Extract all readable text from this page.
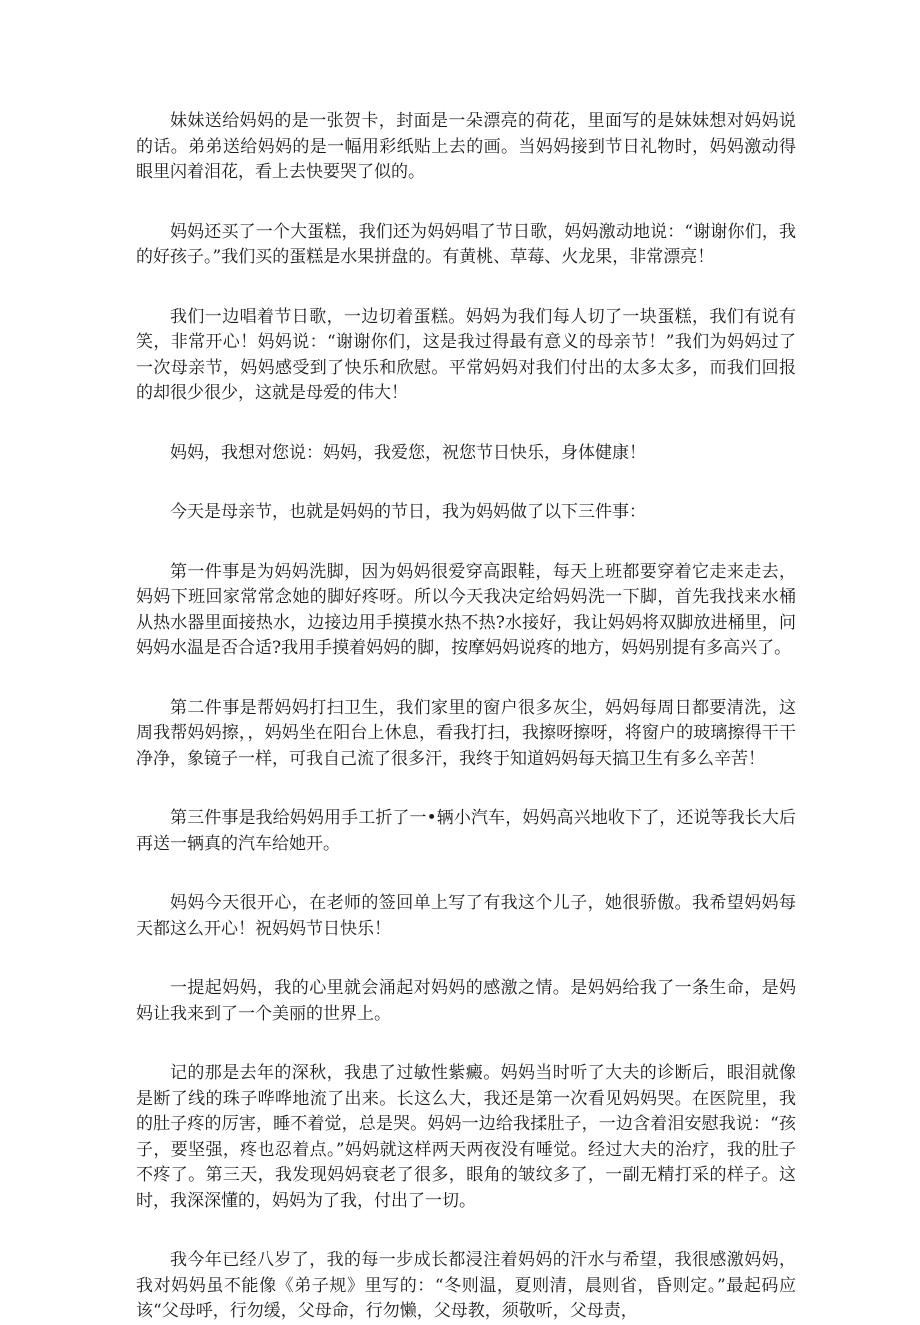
妹妹送给妈妈的是一张贺卡，封面是一朵漂亮的荷花，里面写的是妹妹想对妈妈说的话。弟弟送给妈妈的是一幅用彩纸贴上去的画。当妈妈接到节日礼物时，妈妈激动得眼里闪着泪花，看上去快要哭了似的。

妈妈还买了一个大蛋糕，我们还为妈妈唱了节日歌，妈妈激动地说：“谢谢你们，我的好孩子。”我们买的蛋糕是水果拼盘的。有黄桃、草莓、火龙果，非常漂亮！

我们一边唱着节日歌，一边切着蛋糕。妈妈为我们每人切了一块蛋糕，我们有说有笑，非常开心！妈妈说：“谢谢你们，这是我过得最有意义的母亲节！”我们为妈妈过了一次母亲节，妈妈感受到了快乐和欣慰。平常妈妈对我们付出的太多太多，而我们回报的却很少很少，这就是母爱的伟大！

妈妈，我想对您说：妈妈，我爱您，祝您节日快乐，身体健康！

今天是母亲节，也就是妈妈的节日，我为妈妈做了以下三件事：

第一件事是为妈妈洗脚，因为妈妈很爱穿高跟鞋，每天上班都要穿着它走来走去，妈妈下班回家常常念她的脚好疼呀。所以今天我决定给妈妈洗一下脚，首先我找来水桶从热水器里面接热水，边接边用手摸摸水热不热?水接好，我让妈妈将双脚放进桶里，问妈妈水温是否合适?我用手摸着妈妈的脚，按摩妈妈说疼的地方，妈妈别提有多高兴了。

第二件事是帮妈妈打扫卫生，我们家里的窗户很多灰尘，妈妈每周日都要清洗，这周我帮妈妈擦，，妈妈坐在阳台上休息，看我打扫，我擦呀擦呀，将窗户的玻璃擦得干干净净，象镜子一样，可我自己流了很多汗，我终于知道妈妈每天搞卫生有多么辛苦！

第三件事是我给妈妈用手工折了一•辆小汽车，妈妈高兴地收下了，还说等我长大后再送一辆真的汽车给她开。

妈妈今天很开心，在老师的签回单上写了有我这个儿子，她很骄傲。我希望妈妈每天都这么开心！祝妈妈节日快乐！

一提起妈妈，我的心里就会涌起对妈妈的感激之情。是妈妈给我了一条生命，是妈妈让我来到了一个美丽的世界上。

记的那是去年的深秋，我患了过敏性紫癜。妈妈当时听了大夫的诊断后，眼泪就像是断了线的珠子哗哗地流了出来。长这么大，我还是第一次看见妈妈哭。在医院里，我的肚子疼的厉害，睡不着觉，总是哭。妈妈一边给我揉肚子，一边含着泪安慰我说：“孩子，要坚强，疼也忍着点。”妈妈就这样两天两夜没有唾觉。经过大夫的治疗，我的肚子不疼了。第三天，我发现妈妈衰老了很多，眼角的皱纹多了，一副无精打采的样子。这时，我深深懂的，妈妈为了我，付出了一切。

我今年已经八岁了，我的每一步成长都浸注着妈妈的汗水与希望，我很感激妈妈，我对妈妈虽不能像《弟子规》里写的：“冬则温，夏则清，晨则省，昏则定。”最起码应该“父母呼，行勿缓，父母命，行勿懒，父母教，须敬听，父母责，
